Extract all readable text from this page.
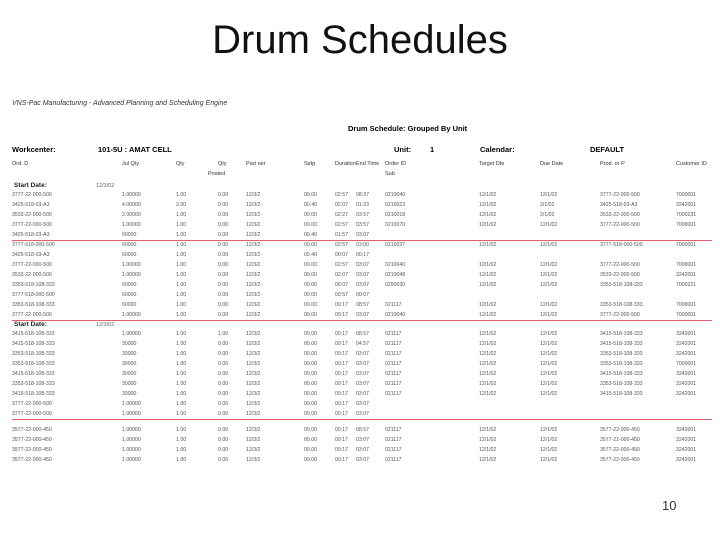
Drum Schedules
VNS-Pac Manufacturing - Advanced Planning and Scheduling Engine
Drum Schedule: Grouped By Unit
Workcenter:	101-5U : AMAT CELL	Unit:	1	Calendar:	DEFAULT
Ord. D	Jul Qty	Qty	Qty	Part ner	Setp	Duration End Time Order ID	Target Dte	Due Date	Prod. or P	Customer ID
Posted	Sub
Start Date:	12/3/02
3777-22-000-500	1.00000	1.00	0.00	12/3/2	00.00	02:57 08:37	0210040	12/1/02	12/1/02	3777-22-000-500	7000001
3425-518-03-A3	4.00000	2.00	0.00	12/3/2	00.40	02:07 01:23	0210023	12/1/02	2/1/02	3425-518-03-A3	3242001
3533-22-000-500	2.00000	1.00	0.00	12/3/2	00.00	02:27 03:57	0210018	12/1/02	2/1/02	3533-22-000-500	7000231
3777-22-000-500	1.00000	1.00	0.00	12/3/2	00.00	02:57 03:57	0210070	12/1/02	12/1/02	3777-22-000-500	7000001
3425-518-03-A3	60000	1.00	0.00	12/3/2	00.40	01:57 03:07
3777-518-000-500	60000	1.00	0.00	12/3/2	00.00	02:57 03:00	0210037	12/1/02	12/1/02	3777-518-000-500	7000001
3425-518-03-A3	60000	1.00	0.00	12/3/2	00.40	00:07 00:17
3777-22-000-500	1.00000	1.00	0.00	12/3/2	00.00	02:57 03:07	0210040	12/1/02	12/1/02	3777-22-000-500	7000001
3533-22-000-500	1.00000	1.00	0.00	12/3/2	00.00	02:07 03:07	0210048	12/1/02	12/1/02	3533-22-000-500	3242001
3353-518-108-333	60000	1.00	0.00	12/3/2	00.00	06:07 03:07	0290030	12/1/02	12/1/02	3353-518-108-333	7000221
3777-518-000-500	60000	1.00	0.00	12/3/2	00.00	00:57 00:07
3353-518-108-333	60000	1.00	0.00	12/3/2	00.00	00:17 08:57	021117	12/1/02	12/1/02	3353-518-108-333	7000001
3777-22-000-500	1.00000	1.00	0.00	12/3/2	00.00	00:17 03:07	0210040	12/1/02	12/1/02	3777-22-000-500	7000001
Start Date:	12/3/02
3415-518-108-333	1.00000	1.00	1.00	12/3/2	00.00	00:17 08:57	021117	12/1/02	12/1/02	3415-518-108-333	3242001
3415-518-108-333	30000	1.00	0.00	12/3/2	00.00	00:17 04:57	021117	12/1/02	12/1/02	3415-518-108-333	3242001
3353-518-108-333	30000	1.00	0.00	12/3/2	00.00	00:17 03:07	021117	12/1/02	12/1/02	3353-518-108-333	3242001
3353-518-108-333	30000	1.00	0.00	12/3/2	00.00	00:17 03:07	021117	12/1/02	12/1/02	3353-518-108-333	7000001
3415-518-108-333	30000	1.00	0.00	12/3/2	00.00	00:17 03:07	021117	12/1/02	12/1/02	3415-518-108-333	3242001
3353-518-108-333	30000	1.00	0.00	12/3/2	00.00	00:17 03:07	021117	12/1/02	12/1/02	3353-518-108-333	3242001
3415-518-108-333	30000	1.00	0.00	12/3/2	00.00	00:17 03:07	021117	12/1/02	12/1/02	3415-518-108-333	3242001
3777-22-000-500	1.00000	1.00	0.00	12/3/2	00.00	00:17 03:07
3777-22-000-500	1.00000	1.00	0.00	12/3/2	00.00	00:17 03:07
3577-22-000-450	1.00000	1.00	0.00	12/3/2	00.00	00:17 08:57	021117	12/1/02	12/1/02	3577-22-000-450	3242001
3577-22-000-450	1.00000	1.00	0.00	12/3/2	00.00	00:17 03:07	021117	12/1/02	12/1/02	3577-22-000-450	3242001
3577-22-000-450	1.00000	1.00	0.00	12/3/2	00.00	00:17 03:07	021117	12/1/02	12/1/02	3577-22-000-450	3242001
3577-22-000-450	1.00000	1.00	0.00	12/3/2	00.00	00:17 03:07	021117	12/1/02	12/1/02	3577-22-000-450	3242001
10
